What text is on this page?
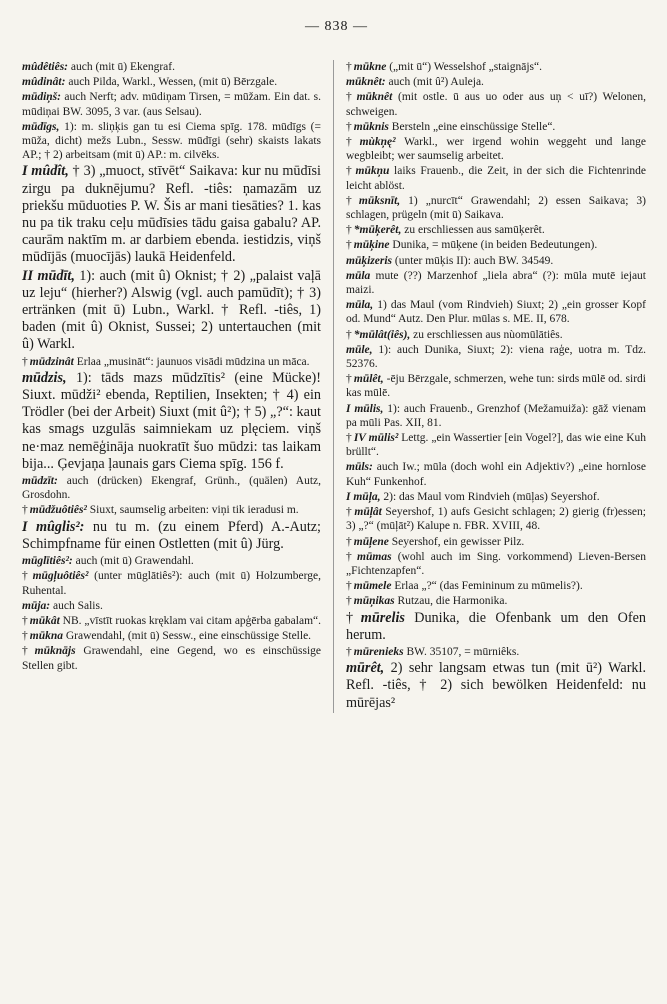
— 838 —

mûdêtiês: auch (mit ū) Ekengraf.

mûdinât: auch Pilda, Warkl., Wessen, (mit ū) Bērzgale.

mūdiņš: auch Nerft; adv. mūdiņam Tirsen, = mūžam. Ein dat. s. mūdiņai BW. 3095, 3 var. (aus Selsau).

mūdīgs, 1): m. sliņķis gan tu esi Ciema spīg. 178. mūdīgs (= mūža, dicht) mežs Lubn., Sessw. mūdīgi (sehr) skaists lakats AP.; † 2) arbeitsam (mit ū) AP.: m. cilvēks.

I mûdît, † 3) „muoct, stīvēt“ Saikava: kur nu mūdīsi zirgu pa duknējumu? Refl. -tiês: ņamazām uz priekšu mūduoties P. W. Šis ar mani tiesāties? 1. kas nu pa tik traku ceļu mūdīsies tādu gaisa gabalu? AP. caurām naktīm m. ar darbiem ebenda. iestidzis, viņš mūdījās (muocījās) laukā Heidenfeld.

II mūdīt, 1): auch (mit û) Oknist; † 2) „palaist vaļā uz leju“ (hierher?) Alswig (vgl. auch pamūdīt); † 3) ertränken (mit ū) Lubn., Warkl. † Refl. -tiês, 1) baden (mit û) Oknist, Sussei; 2) untertauchen (mit û) Warkl.

† mūdzinât Erlaa „musināt“: jaunuos visādi mūdzina un māca.

mūdzis, 1): tāds mazs mūdzītis² (eine Mücke)! Siuxt. mūdži² ebenda, Reptilien, Insekten; † 4) ein Trödler (bei der Arbeit) Siuxt (mit û²); † 5) „?“: kaut kas smags uzgulās saimniekam uz plęciem. viņš ne·maz nemēģināja nuokratīt šuo mūdzi: tas laikam bija... Ģevjaņa ļaunais gars Ciema spīg. 156 f.

mūdzīt: auch (drücken) Ekengraf, Grünh., (quälen) Autz, Grosdohn.

† mūdžuôtiês² Siuxt, saumselig arbeiten: viņi tik ieradusi m.

I mûglis²: nu tu m. (zu einem Pferd) A.-Autz; Schimpfname für einen Ostletten (mit û) Jürg.

mūglītiês²: auch (mit ū) Grawendahl.

† mūgļuôtiês² (unter mūglātiês²): auch (mit ū) Holzumberge, Ruhental.

mūja: auch Salis.

† mūkât NB. „vīstīt ruokas kręklam vai citam apģērba gabalam“.

† mūkna Grawendahl, (mit ū) Sessw., eine einschüssige Stelle.

† mūknājs Grawendahl, eine Gegend, wo es einschüssige Stellen gibt.

† mūkne („mit ū“) Wesselshof „staignājs“.

mūknêt: auch (mit û²) Auleja.

† mūknêt (mit ostle. ū aus uo oder aus uņ < uī?) Welonen, schweigen.

† mūknis Bersteln „eine einschüssige Stelle“.

† mùkņę² Warkl., wer irgend wohin weggeht und lange wegbleibt; wer saumselig arbeitet.

† mūkņu laiks Frauenb., die Zeit, in der sich die Fichtenrinde leicht ablöst.

† mūksnīt, 1) „nurcīt“ Grawendahl; 2) essen Saikava; 3) schlagen, prügeln (mit ū) Saikava.

† *mūķerêt, zu erschliessen aus samūķerêt.

† mūķine Dunika, = mūķene (in beiden Bedeutungen).

mūķizeris (unter mūķis II): auch BW. 34549.

mūla mute (??) Marzenhof „liela abra“ (?): mūla mutē iejaut maizi.

mūla, 1) das Maul (vom Rindvieh) Siuxt; 2) „ein grosser Kopf od. Mund“ Autz. Den Plur. mūlas s. ME. II, 678.

† *mūlât(iês), zu erschliessen aus nùomūlātiês.

mūle, 1): auch Dunika, Siuxt; 2): viena raģe, uotra m. Tdz. 52376.

† mūlêt, -ēju Bērzgale, schmerzen, wehe tun: sirds mūlē od. sirdi kas mūlē.

I mūlis, 1): auch Frauenb., Grenzhof (Mežamuiža): gāž vienam pa mūli Pas. XII, 81.

† IV mūlis² Lettg. „ein Wassertier [ein Vogel?], das wie eine Kuh brüllt“.

mūls: auch Iw.; mūla (doch wohl ein Adjektiv?) „eine hornlose Kuh“ Funkenhof.

I mūļa, 2): das Maul vom Rindvieh (mūļas) Seyershof.

† mūļât Seyershof, 1) aufs Gesicht schlagen; 2) gierig (fr)essen; 3) „?“ (mūļāt²) Kalupe n. FBR. XVIII, 48.

† mūļene Seyershof, ein gewisser Pilz.

† mūmas (wohl auch im Sing. vorkommend) Lieven-Bersen „Fichtenzapfen“.

† mūmele Erlaa „?“ (das Femininum zu mūmelis?).

† mūņikas Rutzau, die Harmonika.

† mūrelis Dunika, die Ofenbank um den Ofen herum.

† mūrenieks BW. 35107, = mūrniêks.

mūrêt, 2) sehr langsam etwas tun (mit ū²) Warkl. Refl. -tiês, † 2) sich bewölken Heidenfeld: nu mūrējas²
